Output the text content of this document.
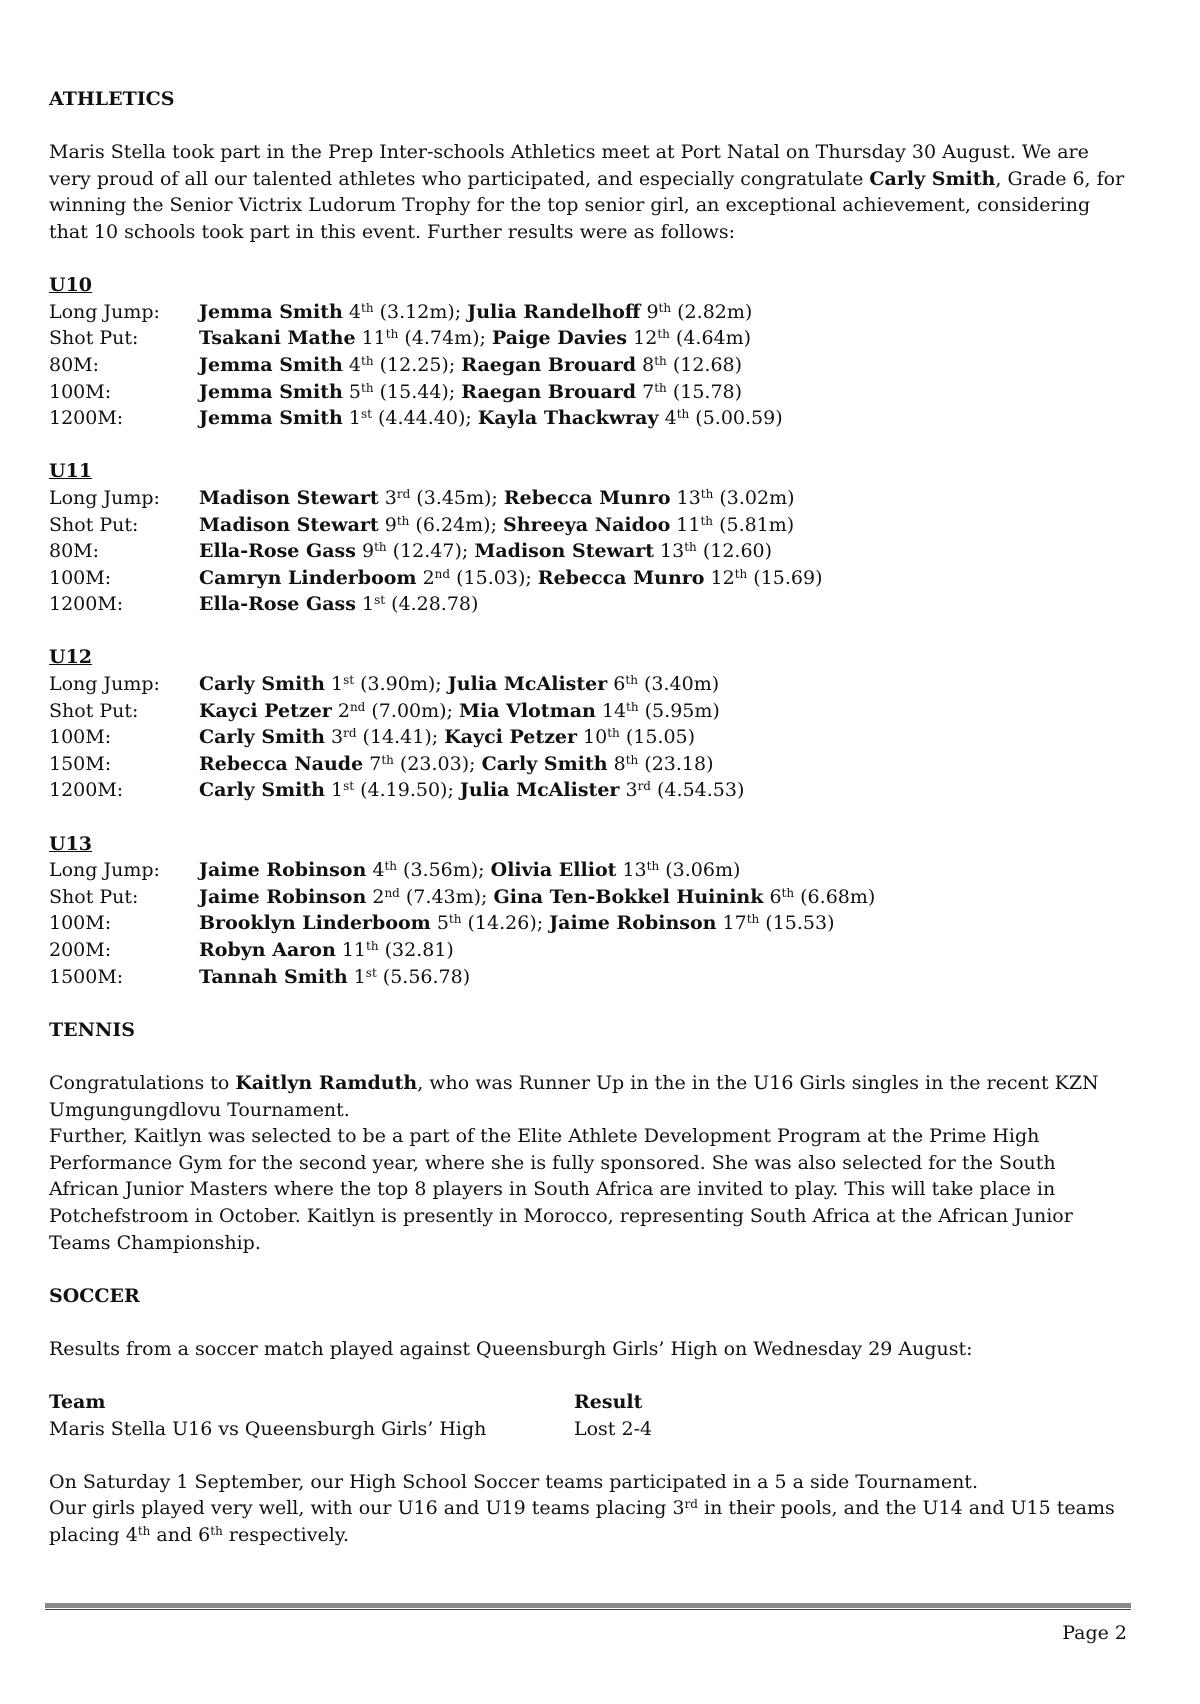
ATHLETICS

Maris Stella took part in the Prep Inter-schools Athletics meet at Port Natal on Thursday 30 August. We are very proud of all our talented athletes who participated, and especially congratulate Carly Smith, Grade 6, for winning the Senior Victrix Ludorum Trophy for the top senior girl, an exceptional achievement, considering that 10 schools took part in this event. Further results were as follows:

U10
Long Jump:	Jemma Smith 4th (3.12m); Julia Randelhoff 9th (2.82m)
Shot Put:	Tsakani Mathe 11th (4.74m); Paige Davies 12th (4.64m)
80M:	Jemma Smith 4th (12.25); Raegan Brouard 8th (12.68)
100M:	Jemma Smith 5th (15.44); Raegan Brouard 7th (15.78)
1200M:	Jemma Smith 1st (4.44.40); Kayla Thackwray 4th (5.00.59)
U11
Long Jump:	Madison Stewart 3rd (3.45m); Rebecca Munro 13th (3.02m)
Shot Put:	Madison Stewart 9th (6.24m); Shreeya Naidoo 11th (5.81m)
80M:	Ella-Rose Gass 9th (12.47); Madison Stewart 13th (12.60)
100M:	Camryn Linderboom 2nd (15.03); Rebecca Munro 12th (15.69)
1200M:	Ella-Rose Gass 1st (4.28.78)
U12
Long Jump:	Carly Smith 1st (3.90m); Julia McAlister 6th (3.40m)
Shot Put:	Kayci Petzer 2nd (7.00m); Mia Vlotman 14th (5.95m)
100M:	Carly Smith 3rd (14.41); Kayci Petzer 10th (15.05)
150M:	Rebecca Naude 7th (23.03); Carly Smith 8th (23.18)
1200M:	Carly Smith 1st (4.19.50); Julia McAlister 3rd (4.54.53)
U13
Long Jump:	Jaime Robinson 4th (3.56m); Olivia Elliot 13th (3.06m)
Shot Put:	Jaime Robinson 2nd (7.43m); Gina Ten-Bokkel Huinink 6th (6.68m)
100M:	Brooklyn Linderboom 5th (14.26); Jaime Robinson 17th (15.53)
200M:	Robyn Aaron 11th (32.81)
1500M:	Tannah Smith 1st (5.56.78)
TENNIS

Congratulations to Kaitlyn Ramduth, who was Runner Up in the in the U16 Girls singles in the recent KZN Umgungungdlovu Tournament.

Further, Kaitlyn was selected to be a part of the Elite Athlete Development Program at the Prime High Performance Gym for the second year, where she is fully sponsored. She was also selected for the South African Junior Masters where the top 8 players in South Africa are invited to play. This will take place in Potchefstroom in October. Kaitlyn is presently in Morocco, representing South Africa at the African Junior Teams Championship.

SOCCER

Results from a soccer match played against Queensburgh Girls’ High on Wednesday 29 August:

Team	Result
Maris Stella U16 vs Queensburgh Girls’ High	Lost 2-4

On Saturday 1 September, our High School Soccer teams participated in a 5 a side Tournament.

Our girls played very well, with our U16 and U19 teams placing 3rd in their pools, and the U14 and U15 teams placing 4th and 6th respectively.

Page 2
